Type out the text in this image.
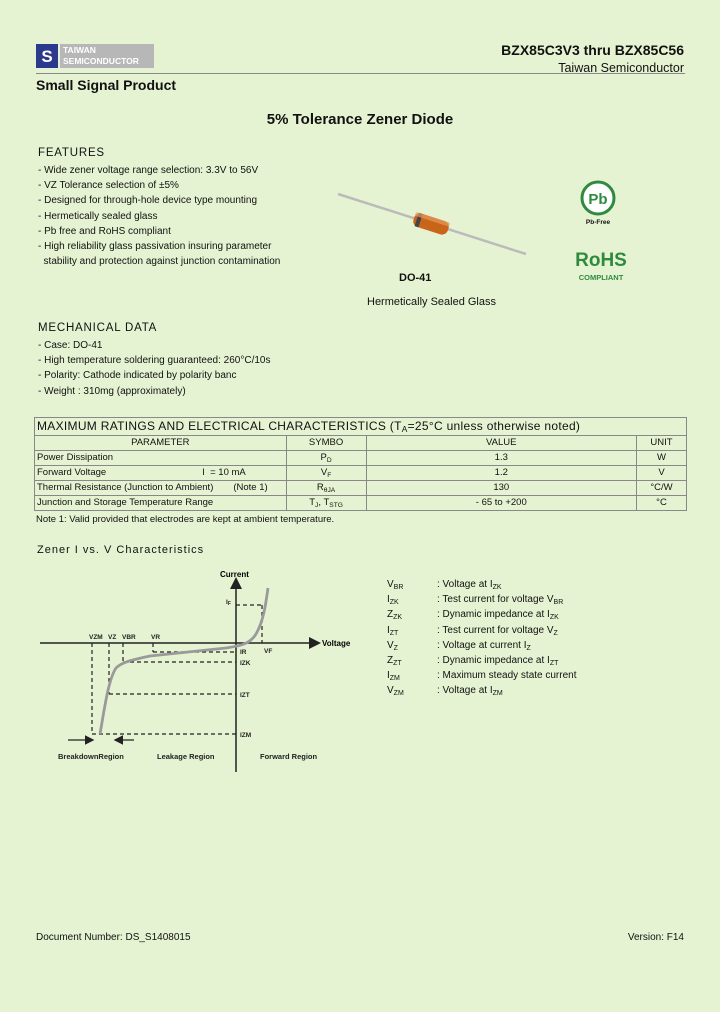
S TAIWAN
SEMICONDUCTOR
BZX85C3V3 thru BZX85C56
Taiwan Semiconductor
Small Signal Product
5% Tolerance Zener Diode
FEATURES
- Wide zener voltage range selection: 3.3V to 56V
- VZ Tolerance selection of ±5%
- Designed for through-hole device type mounting
- Hermetically sealed glass
- Pb free and RoHS compliant
- High reliability glass passivation insuring parameter
stability and protection against junction contamination
DO-41
Hermetically Sealed Glass
Pb
Pb-Free
RoHS
COMPLIANT
MECHANICAL DATA
- Case: DO-41
- High temperature soldering guaranteed: 260°C/10s
- Polarity: Cathode indicated by polarity banc
- Weight : 310mg (approximately)
MAXIMUM RATINGS AND ELECTRICAL CHARACTERISTICS ($T_A=25^\circ C$ unless otherwise noted)			
PARAMETER	SYMBO	VALUE	UNIT
Power Dissipation	$P_D$	1.3	W
Forward Voltage I  = 10 mA	$V_F$	1.2	V
Thermal Resistance (Junction to Ambient) (Note 1)	$R_{\theta JA}$	130	°C/W
Junction and Storage Temperature Range	$T_J$, $T_{STG}$	- 65 to +200	°C
Note 1: Valid provided that electrodes are kept at ambient temperature.
Zener I vs. V Characteristics
Current
Voltage
VZM VZ VBR VR
VF
IF
IR
IZK
IZT
IZM
BreakdownRegion	Leakage Region	Forward Region
$V_{BR}$	: Voltage at $I_{ZK}$
$I_{ZK}$	: Test current for voltage $V_{BR}$
$Z_{ZK}$	: Dynamic impedance at $I_{ZK}$
$I_{ZT}$	: Test current for voltage $V_Z$
$V_Z$	: Voltage at current $I_Z$
$Z_{ZT}$	: Dynamic impedance at $I_{ZT}$
$I_{ZM}$	: Maximum steady state current
$V_{ZM}$	: Voltage at $I_{ZM}$
Document Number: DS_S1408015	Version: F14
